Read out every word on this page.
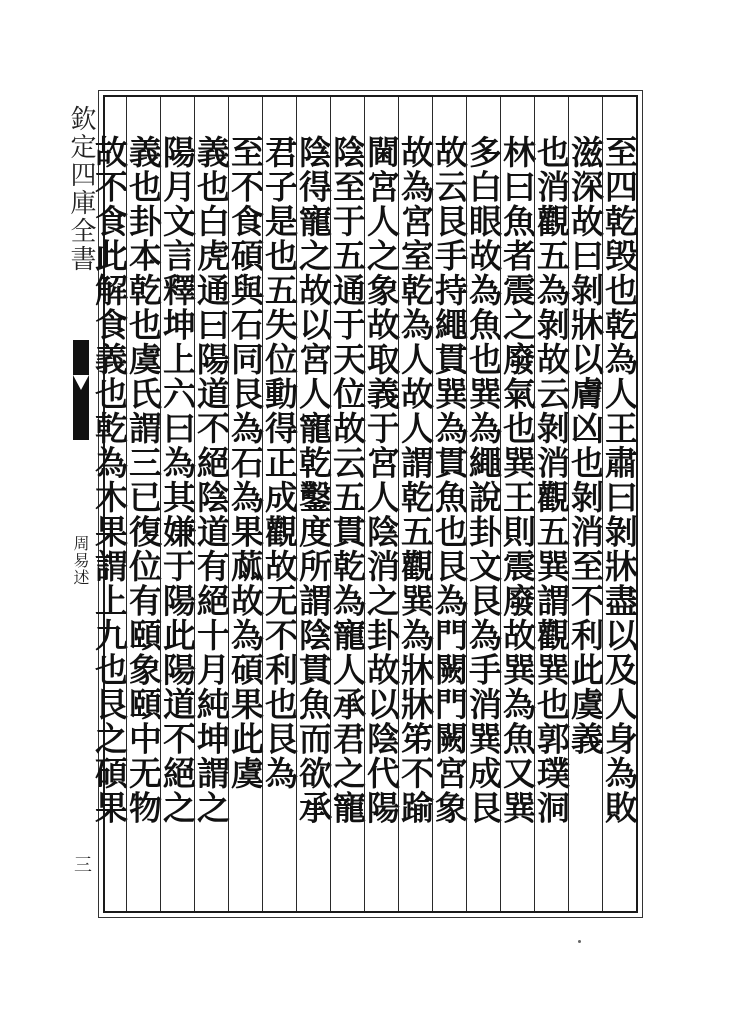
欽定四庫全書
周易述
三
至四乾毁也乾為人王肅曰剝牀盡以及人身為敗
滋深故曰剝牀以膚凶也剝消至不利此虞義
也消觀五為剝故云剝消觀五巽謂觀巽也郭璞洞
林曰魚者震之廢氣也巽王則震廢故巽為魚又巽
多白眼故為魚也巽為繩說卦文艮為手消巽成艮
故云艮手持繩貫巽為貫魚也艮為門闕門闕宮象
故為宮室乾為人故人謂乾五觀巽為牀牀笫不踰
閫宮人之象故取義于宮人陰消之卦故以陰代陽
陰至于五通于天位故云五貫乾為寵人承君之寵
陰得寵之故以宮人寵乾鑿度所謂陰貫魚而欲承
君子是也五失位動得正成觀故无不利也艮為
至不食碩與石同艮為石為果蓏故為碩果此虞
義也白虎通曰陽道不絕陰道有絕十月純坤謂之
陽月文言釋坤上六曰為其嫌于陽此陽道不絕之
義也卦本乾也虞氏謂三已復位有頤象頤中无物
故不食此解食義也乾為木果謂上九也艮之碩果
